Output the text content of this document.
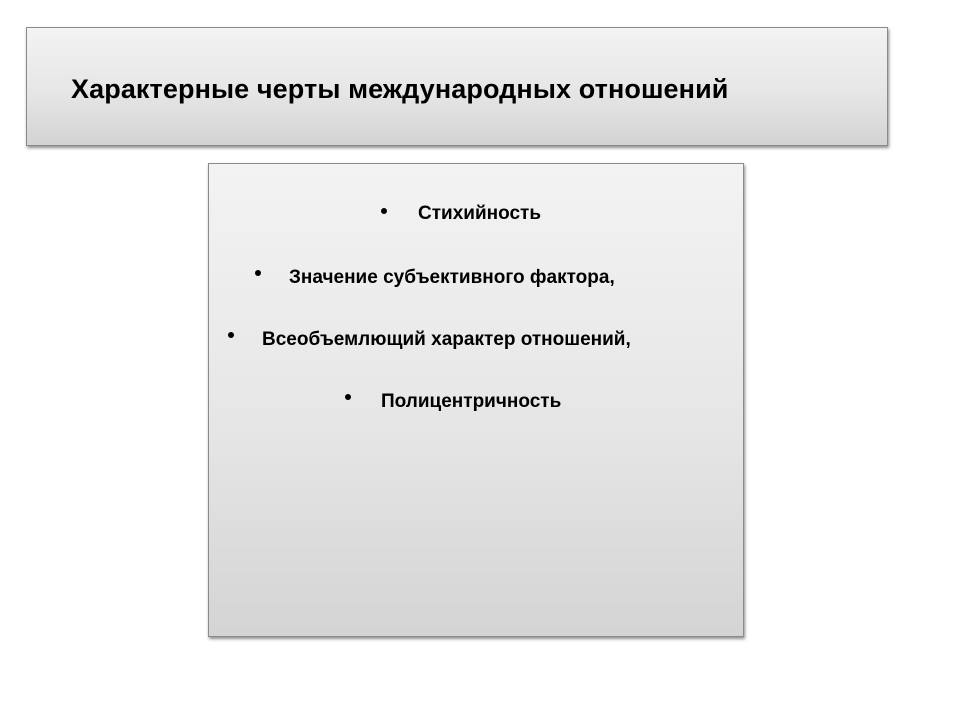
Характерные черты международных отношений
Стихийность
Значение субъективного фактора,
Всеобъемлющий характер отношений,
Полицентричность
